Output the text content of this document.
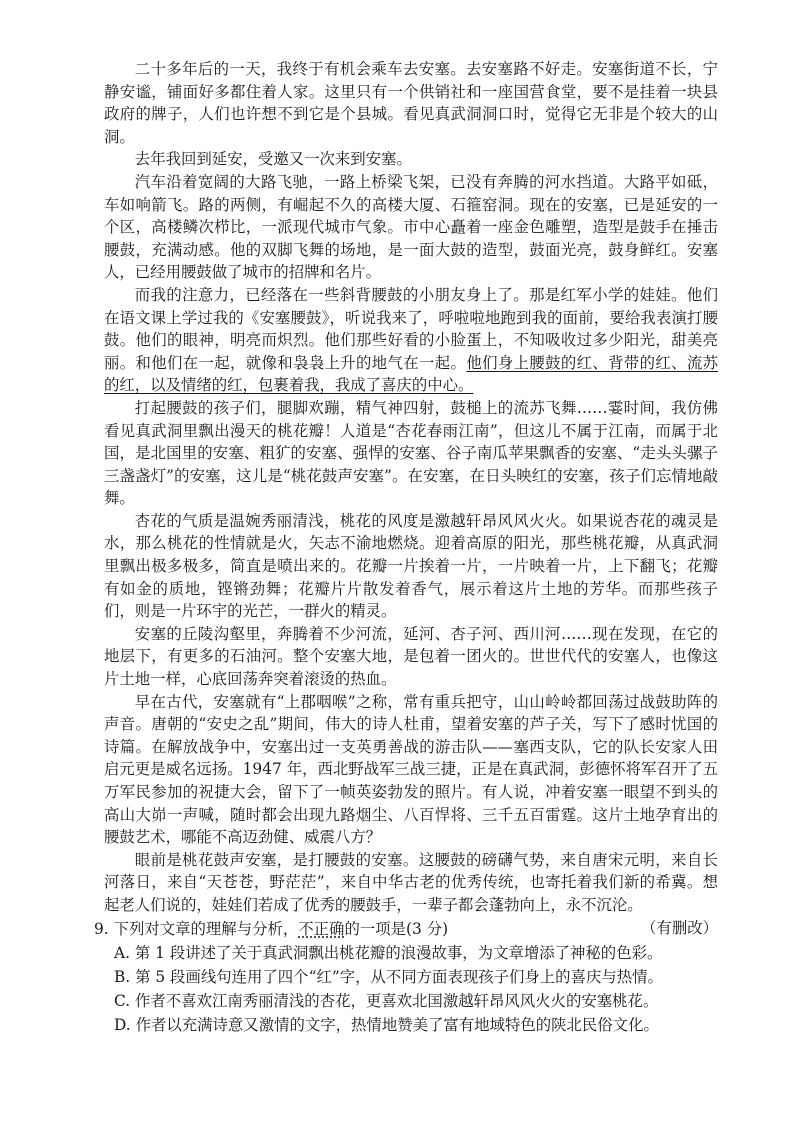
二十多年后的一天，我终于有机会乘车去安塞。去安塞路不好走。安塞街道不长，宁静安谧，铺面好多都住着人家。这里只有一个供销社和一座国营食堂，要不是挂着一块县政府的牌子，人们也许想不到它是个县城。看见真武洞洞口时，觉得它无非是个较大的山洞。

去年我回到延安，受邀又一次来到安塞。

汽车沿着宽阔的大路飞驰，一路上桥梁飞架，已没有奔腾的河水挡道。大路平如砥，车如响箭飞。路的两侧，有崛起不久的高楼大厦、石箍窑洞。现在的安塞，已是延安的一个区，高楼鳞次栉比，一派现代城市气象。市中心矗着一座金色雕塑，造型是鼓手在捶击腰鼓，充满动感。他的双脚飞舞的场地，是一面大鼓的造型，鼓面光亮，鼓身鲜红。安塞人，已经用腰鼓做了城市的招牌和名片。

而我的注意力，已经落在一些斜背腰鼓的小朋友身上了。那是红军小学的娃娃。他们在语文课上学过我的《安塞腰鼓》，听说我来了，呼啦啦地跑到我的面前，要给我表演打腰鼓。他们的眼神，明亮而炽烈。他们那些好看的小脸蛋上，不知吸收过多少阳光，甜美亮丽。和他们在一起，就像和袅袅上升的地气在一起。他们身上腰鼓的红、背带的红、流苏的红，以及情绪的红，包裹着我，我成了喜庆的中心。

打起腰鼓的孩子们，腿脚欢蹦，精气神四射，鼓槌上的流苏飞舞……霎时间，我仿佛看见真武洞里飘出漫天的桃花瓣！人道是“杏花春雨江南”，但这儿不属于江南，而属于北国，是北国里的安塞、粗犷的安塞、强悍的安塞、谷子南瓜苹果飘香的安塞、“走头头骡子三盏盏灯”的安塞，这儿是“桃花鼓声安塞”。在安塞，在日头映红的安塞，孩子们忘情地敲舞。

杏花的气质是温婉秀丽清浅，桃花的风度是激越轩昂风风火火。如果说杏花的魂灵是水，那么桃花的性情就是火，矢志不渝地燃烧。迎着高原的阳光，那些桃花瓣，从真武洞里飘出极多极多，简直是喷出来的。花瓣一片挨着一片，一片映着一片，上下翻飞；花瓣有如金的质地，铿锵劲舞；花瓣片片散发着香气，展示着这片土地的芳华。而那些孩子们，则是一片环宇的光芒，一群火的精灵。

安塞的丘陵沟壑里，奔腾着不少河流，延河、杏子河、西川河……现在发现，在它的地层下，有更多的石油河。整个安塞大地，是包着一团火的。世世代代的安塞人，也像这片土地一样，心底回荡奔突着滚烫的热血。

早在古代，安塞就有“上郡咽喉”之称，常有重兵把守，山山岭岭都回荡过战鼓助阵的声音。唐朝的“安史之乱”期间，伟大的诗人杜甫，望着安塞的芦子关，写下了感时忧国的诗篇。在解放战争中，安塞出过一支英勇善战的游击队——塞西支队，它的队长安家人田启元更是威名远扬。1947 年，西北野战军三战三捷，正是在真武洞，彭德怀将军召开了五万军民参加的祝捷大会，留下了一帧英姿勃发的照片。有人说，冲着安塞一眼望不到头的高山大峁一声喊，随时都会出现九路烟尘、八百悍将、三千五百雷霆。这片土地孕育出的腰鼓艺术，哪能不高迈劲健、威震八方？

眼前是桃花鼓声安塞，是打腰鼓的安塞。这腰鼓的磅礴气势，来自唐宋元明，来自长河落日，来自“天苍苍，野茫茫”，来自中华古老的优秀传统，也寄托着我们新的希冀。想起老人们说的，娃娃们若成了优秀的腰鼓手，一辈子都会蓬勃向上，永不沉沦。
（有删改）

9. 下列对文章的理解与分析，不正确的一项是(3 分)

A. 第 1 段讲述了关于真武洞飘出桃花瓣的浪漫故事，为文章增添了神秘的色彩。

B. 第 5 段画线句连用了四个“红”字，从不同方面表现孩子们身上的喜庆与热情。

C. 作者不喜欢江南秀丽清浅的杏花，更喜欢北国激越轩昂风风火火的安塞桃花。

D. 作者以充满诗意又激情的文字，热情地赞美了富有地域特色的陕北民俗文化。
